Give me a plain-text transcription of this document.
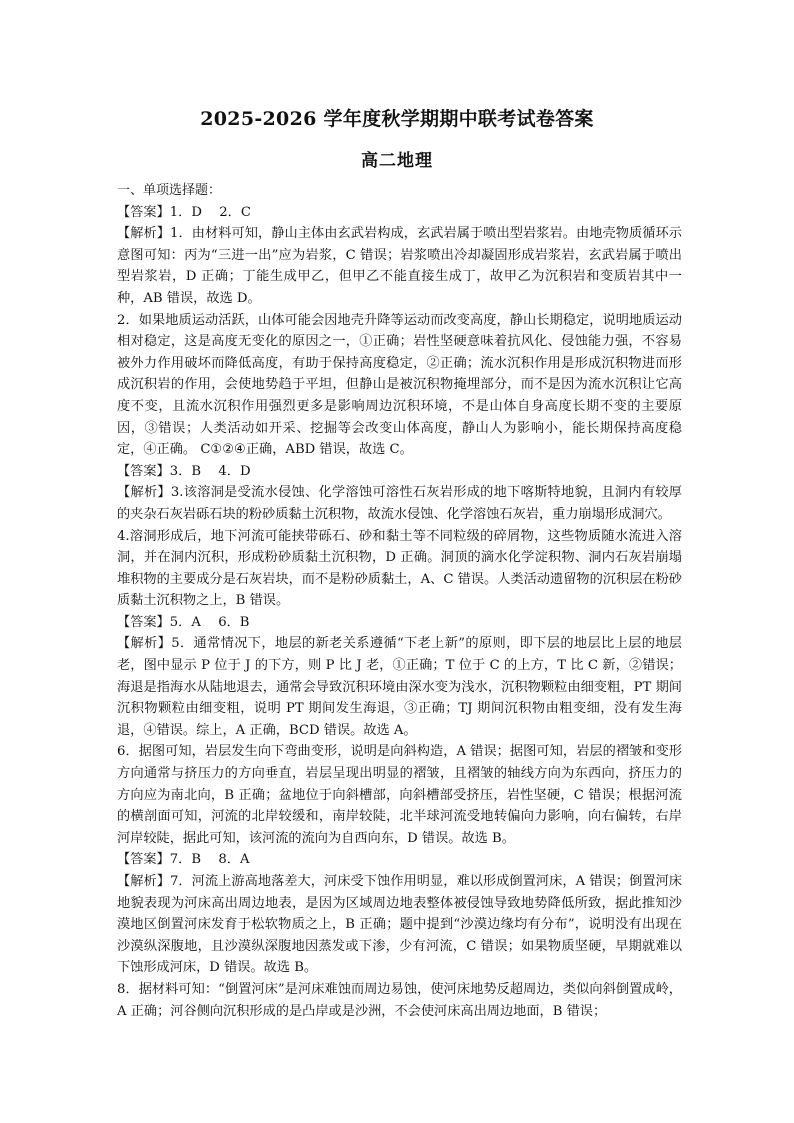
2025-2026 学年度秋学期期中联考试卷答案
高二地理

一、单项选择题：

【答案】1．D　 2．C

【解析】1．由材料可知，静山主体由玄武岩构成，玄武岩属于喷出型岩浆岩。由地壳物质循环示意图可知：丙为“三进一出”应为岩浆，C 错误；岩浆喷出冷却凝固形成岩浆岩，玄武岩属于喷出型岩浆岩，D 正确；丁能生成甲乙，但甲乙不能直接生成丁，故甲乙为沉积岩和变质岩其中一种，AB 错误，故选 D。

2．如果地质运动活跃，山体可能会因地壳升降等运动而改变高度，静山长期稳定，说明地质运动相对稳定，这是高度无变化的原因之一，①正确；岩性坚硬意味着抗风化、侵蚀能力强，不容易被外力作用破坏而降低高度，有助于保持高度稳定，②正确；流水沉积作用是形成沉积物进而形成沉积岩的作用，会使地势趋于平坦，但静山是被沉积物掩埋部分，而不是因为流水沉积让它高度不变，且流水沉积作用强烈更多是影响周边沉积环境，不是山体自身高度长期不变的主要原因，③错误；人类活动如开采、挖掘等会改变山体高度，静山人为影响小，能长期保持高度稳定，④正确。 C①②④正确，ABD 错误，故选 C。

【答案】3．B　 4．D

【解析】3.该溶洞是受流水侵蚀、化学溶蚀可溶性石灰岩形成的地下喀斯特地貌，且洞内有较厚的夹杂石灰岩砾石块的粉砂质黏土沉积物，故流水侵蚀、化学溶蚀石灰岩，重力崩塌形成洞穴。

4.溶洞形成后，地下河流可能挟带砾石、砂和黏土等不同粒级的碎屑物，这些物质随水流进入溶洞，并在洞内沉积，形成粉砂质黏土沉积物，D 正确。洞顶的滴水化学淀积物、洞内石灰岩崩塌堆积物的主要成分是石灰岩块，而不是粉砂质黏土，A、C 错误。人类活动遗留物的沉积层在粉砂质黏土沉积物之上，B 错误。

【答案】5．A　 6．B

【解析】5．通常情况下，地层的新老关系遵循“下老上新”的原则，即下层的地层比上层的地层老，图中显示 P 位于 J 的下方，则 P 比 J 老，①正确；T 位于 C 的上方，T 比 C 新，②错误；海退是指海水从陆地退去，通常会导致沉积环境由深水变为浅水，沉积物颗粒由细变粗，PT 期间沉积物颗粒由细变粗，说明 PT 期间发生海退，③正确；TJ 期间沉积物由粗变细，没有发生海退，④错误。综上，A 正确，BCD 错误。故选 A。

6．据图可知，岩层发生向下弯曲变形，说明是向斜构造，A 错误；据图可知，岩层的褶皱和变形方向通常与挤压力的方向垂直，岩层呈现出明显的褶皱，且褶皱的轴线方向为东西向，挤压力的方向应为南北向，B 正确；盆地位于向斜槽部，向斜槽部受挤压，岩性坚硬，C 错误；根据河流的横剖面可知，河流的北岸较缓和，南岸较陡，北半球河流受地转偏向力影响，向右偏转，右岸河岸较陡，据此可知，该河流的流向为自西向东，D 错误。故选 B。

【答案】7．B　 8．A

【解析】7．河流上游高地落差大，河床受下蚀作用明显，难以形成倒置河床，A 错误；倒置河床地貌表现为河床高出周边地表，是因为区域周边地表整体被侵蚀导致地势降低所致，据此推知沙漠地区倒置河床发育于松软物质之上，B 正确；题中提到“沙漠边缘均有分布”，说明没有出现在沙漠纵深腹地，且沙漠纵深腹地因蒸发或下渗，少有河流，C 错误；如果物质坚硬，早期就难以下蚀形成河床，D 错误。故选 B。

8．据材料可知：“倒置河床”是河床难蚀而周边易蚀，使河床地势反超周边，类似向斜倒置成岭，A 正确；河谷侧向沉积形成的是凸岸或是沙洲，不会使河床高出周边地面，B 错误；
